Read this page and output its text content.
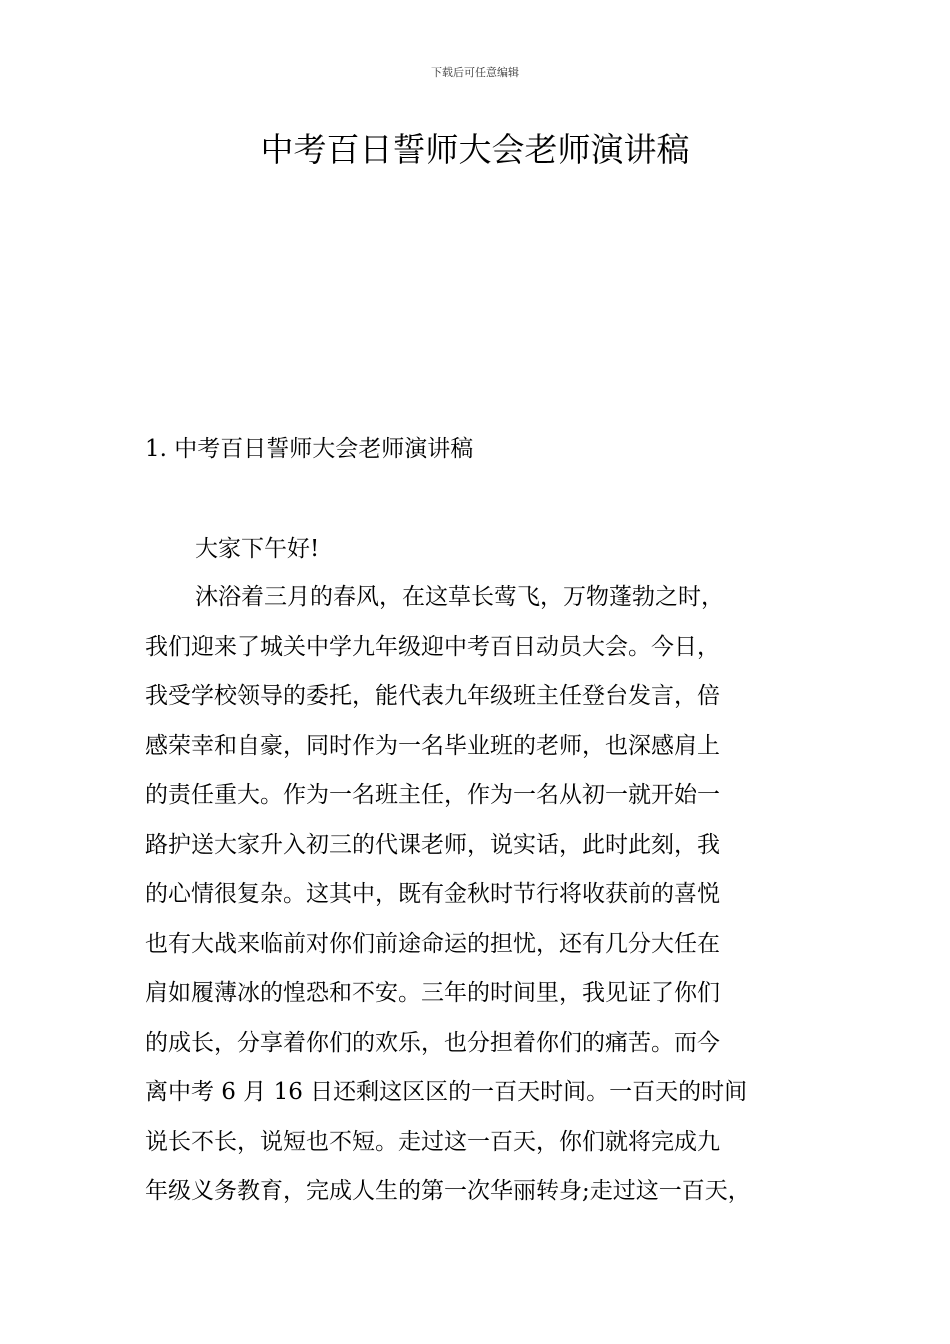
下载后可任意编辑
中考百日誓师大会老师演讲稿
1. 中考百日誓师大会老师演讲稿

大家下午好!

沐浴着三月的春风，在这草长莺飞，万物蓬勃之时，
我们迎来了城关中学九年级迎中考百日动员大会。今日，
我受学校领导的委托，能代表九年级班主任登台发言，倍
感荣幸和自豪，同时作为一名毕业班的老师，也深感肩上
的责任重大。作为一名班主任，作为一名从初一就开始一
路护送大家升入初三的代课老师，说实话，此时此刻，我
的心情很复杂。这其中，既有金秋时节行将收获前的喜悦
也有大战来临前对你们前途命运的担忧，还有几分大任在
肩如履薄冰的惶恐和不安。三年的时间里，我见证了你们
的成长，分享着你们的欢乐，也分担着你们的痛苦。而今
离中考 6 月 16 日还剩这区区的一百天时间。一百天的时间
说长不长，说短也不短。走过这一百天，你们就将完成九
年级义务教育，完成人生的第一次华丽转身;走过这一百天，
